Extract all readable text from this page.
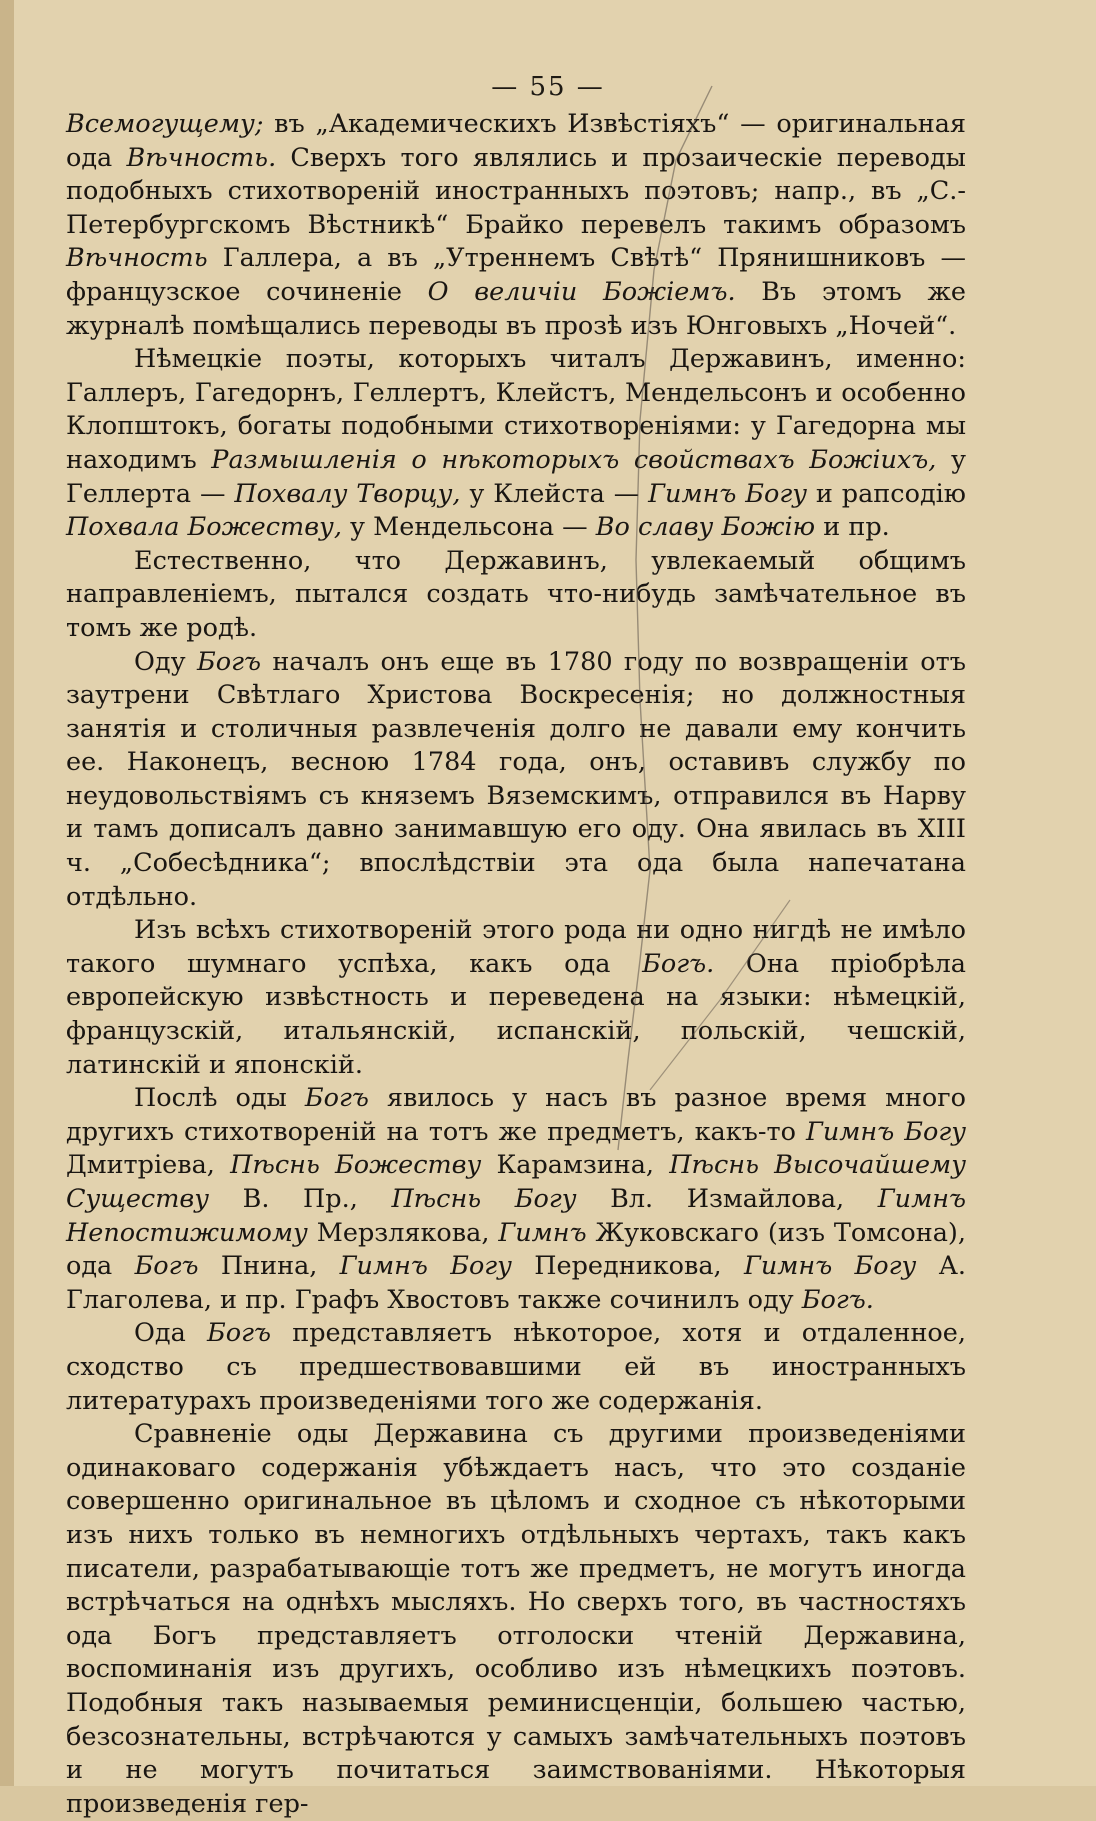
— 55 —

Всемогущему; въ „Академическихъ Извѣстіяхъ“ — оригинальная ода Вѣчность. Сверхъ того являлись и прозаическіе переводы подобныхъ стихотвореній иностранныхъ поэтовъ; напр., въ „С.-Петербургскомъ Вѣстникѣ“ Брайко перевелъ такимъ образомъ Вѣчность Галлера, а въ „Утреннемъ Свѣтѣ“ Прянишниковъ — французское сочиненіе О величіи Божіемъ. Въ этомъ же журналѣ помѣщались переводы въ прозѣ изъ Юнговыхъ „Ночей“.

Нѣмецкіе поэты, которыхъ читалъ Державинъ, именно: Галлеръ, Гагедорнъ, Геллертъ, Клейстъ, Мендельсонъ и особенно Клопштокъ, богаты подобными стихотвореніями: у Гагедорна мы находимъ Размышленія о нѣкоторыхъ свойствахъ Божіихъ, у Геллерта — Похвалу Творцу, у Клейста — Гимнъ Богу и рапсодію Похвала Божеству, у Мендельсона — Во славу Божію и пр.

Естественно, что Державинъ, увлекаемый общимъ направленіемъ, пытался создать что-нибудь замѣчательное въ томъ же родѣ.

Оду Богъ началъ онъ еще въ 1780 году по возвращеніи отъ заутрени Свѣтлаго Христова Воскресенія; но должностныя занятія и столичныя развлеченія долго не давали ему кончить ее. Наконецъ, весною 1784 года, онъ, оставивъ службу по неудовольствіямъ съ княземъ Вяземскимъ, отправился въ Нарву и тамъ дописалъ давно занимавшую его оду. Она явилась въ XIII ч. „Собесѣдника“; впослѣдствіи эта ода была напечатана отдѣльно.

Изъ всѣхъ стихотвореній этого рода ни одно нигдѣ не имѣло такого шумнаго успѣха, какъ ода Богъ. Она пріобрѣла европейскую извѣстность и переведена на языки: нѣмецкій, французскій, итальянскій, испанскій, польскій, чешскій, латинскій и японскій.

Послѣ оды Богъ явилось у насъ въ разное время много другихъ стихотвореній на тотъ же предметъ, какъ-то Гимнъ Богу Дмитріева, Пѣснь Божеству Карамзина, Пѣснь Высочайшему Существу В. Пр., Пѣснь Богу Вл. Измайлова, Гимнъ Непостижимому Мерзлякова, Гимнъ Жуковскаго (изъ Томсона), ода Богъ Пнина, Гимнъ Богу Передникова, Гимнъ Богу А. Глаголева, и пр. Графъ Хвостовъ также сочинилъ оду Богъ.

Ода Богъ представляетъ нѣкоторое, хотя и отдаленное, сходство съ предшествовавшими ей въ иностранныхъ литературахъ произведеніями того же содержанія.

Сравненіе оды Державина съ другими произведеніями одинаковаго содержанія убѣждаетъ насъ, что это созданіе совершенно оригинальное въ цѣломъ и сходное съ нѣкоторыми изъ нихъ только въ немногихъ отдѣльныхъ чертахъ, такъ какъ писатели, разрабатывающіе тотъ же предметъ, не могутъ иногда встрѣчаться на однѣхъ мысляхъ. Но сверхъ того, въ частностяхъ ода Богъ представляетъ отголоски чтеній Державина, воспоминанія изъ другихъ, особливо изъ нѣмецкихъ поэтовъ. Подобныя такъ называемыя реминисценціи, большею частью, безсознательны, встрѣчаются у самыхъ замѣчательныхъ поэтовъ и не могутъ почитаться заимствованіями. Нѣкоторыя произведенія гер-
